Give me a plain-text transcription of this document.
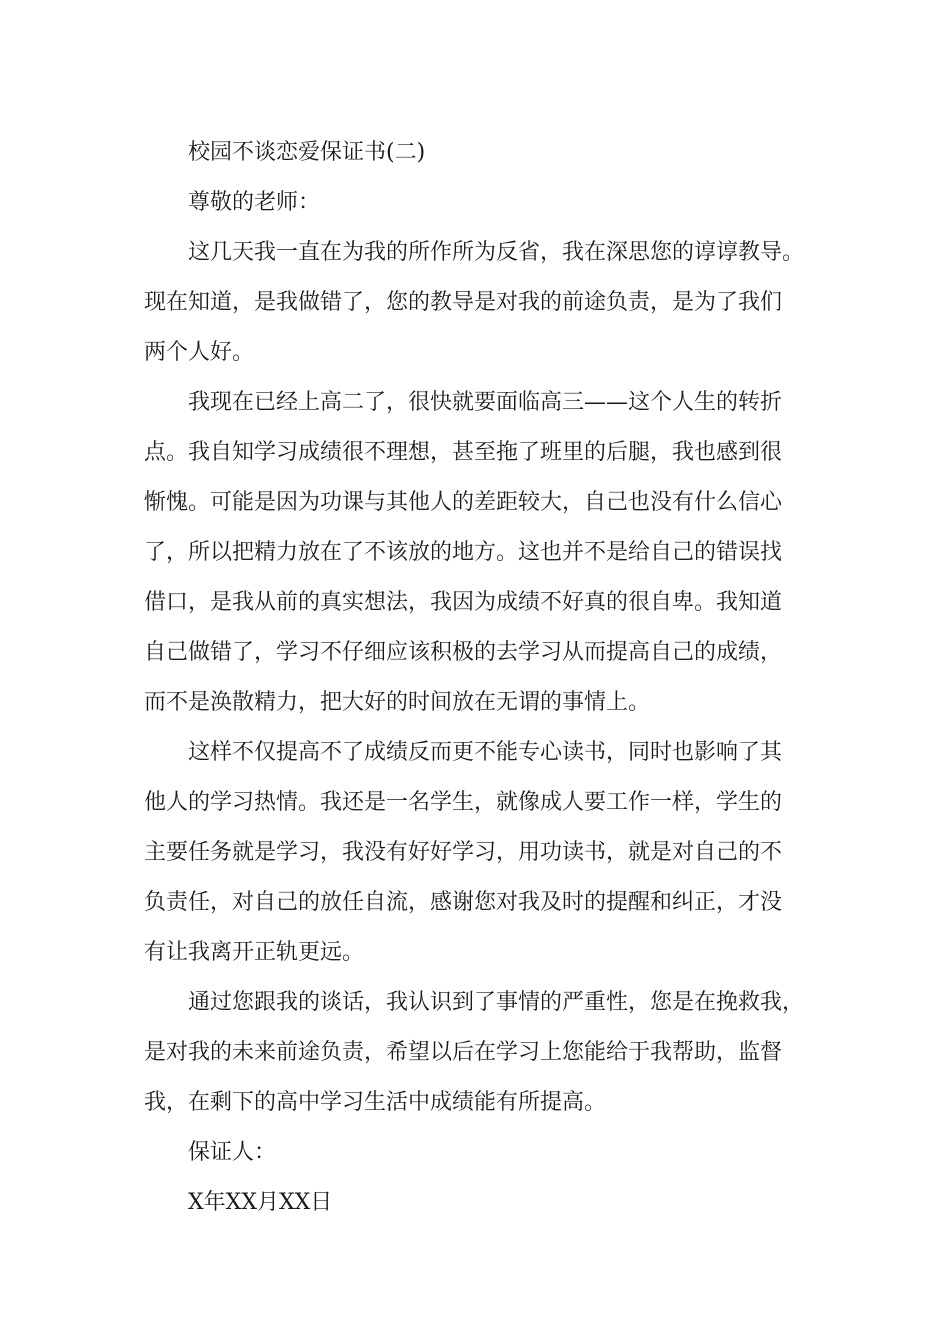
校园不谈恋爱保证书(二)
尊敬的老师：
这几天我一直在为我的所作所为反省，我在深思您的谆谆教导。
现在知道，是我做错了，您的教导是对我的前途负责，是为了我们
两个人好。
我现在已经上高二了，很快就要面临高三——这个人生的转折
点。我自知学习成绩很不理想，甚至拖了班里的后腿，我也感到很
惭愧。可能是因为功课与其他人的差距较大，自己也没有什么信心
了，所以把精力放在了不该放的地方。这也并不是给自己的错误找
借口，是我从前的真实想法，我因为成绩不好真的很自卑。我知道
自己做错了，学习不仔细应该积极的去学习从而提高自己的成绩，
而不是涣散精力，把大好的时间放在无谓的事情上。
这样不仅提高不了成绩反而更不能专心读书，同时也影响了其
他人的学习热情。我还是一名学生，就像成人要工作一样，学生的
主要任务就是学习，我没有好好学习，用功读书，就是对自己的不
负责任，对自己的放任自流，感谢您对我及时的提醒和纠正，才没
有让我离开正轨更远。
通过您跟我的谈话，我认识到了事情的严重性，您是在挽救我，
是对我的未来前途负责，希望以后在学习上您能给于我帮助，监督
我，在剩下的高中学习生活中成绩能有所提高。
保证人：
X年XX月XX日
